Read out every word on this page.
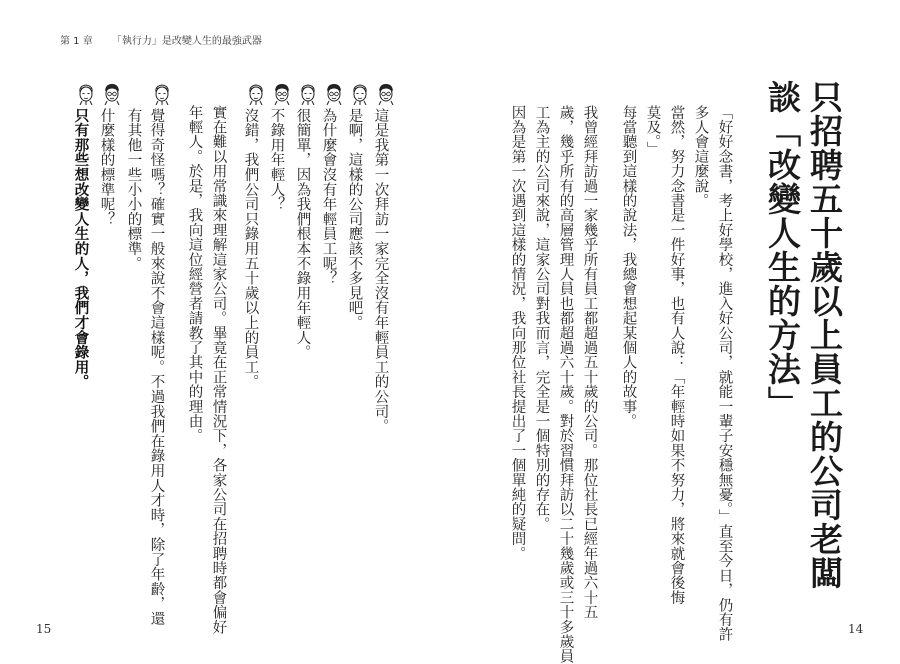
第 1 章 「執行力」是改變人生的最強武器

只招聘五十歲以上員工的公司老闆

談「改變人生的方法」

「好好念書，考上好學校，進入好公司，就能一輩子安穩無憂。」直至今日，仍有許

多人會這麼說。

當然，努力念書是一件好事，也有人說：「年輕時如果不努力，將來就會後悔

莫及。」

每當聽到這樣的說法，我總會想起某個人的故事。

我曾經拜訪過一家幾乎所有員工都超過五十歲的公司。那位社長已經年過六十五

歲，幾乎所有的高層管理人員也都超過六十歲。對於習慣拜訪以二十幾歲或三十多歲員

工為主的公司來說，這家公司對我而言，完全是一個特別的存在。

因為是第一次遇到這樣的情況，我向那位社長提出了一個單純的疑問。

14

這是我第一次拜訪一家完全沒有年輕員工的公司。

是啊，這樣的公司應該不多見吧。

為什麼會沒有年輕員工呢？

很簡單，因為我們根本不錄用年輕人。

不錄用年輕人？

沒錯，我們公司只錄用五十歲以上的員工。

實在難以用常識來理解這家公司。畢竟在正常情況下，各家公司在招聘時都會偏好

年輕人。於是，我向這位經營者請教了其中的理由。

覺得奇怪嗎？確實一般來說不會這樣呢。不過我們在錄用人才時，除了年齡，還

有其他一些小小的標準。

什麼樣的標準呢？

只有那些想改變人生的人，我們才會錄用。

15
